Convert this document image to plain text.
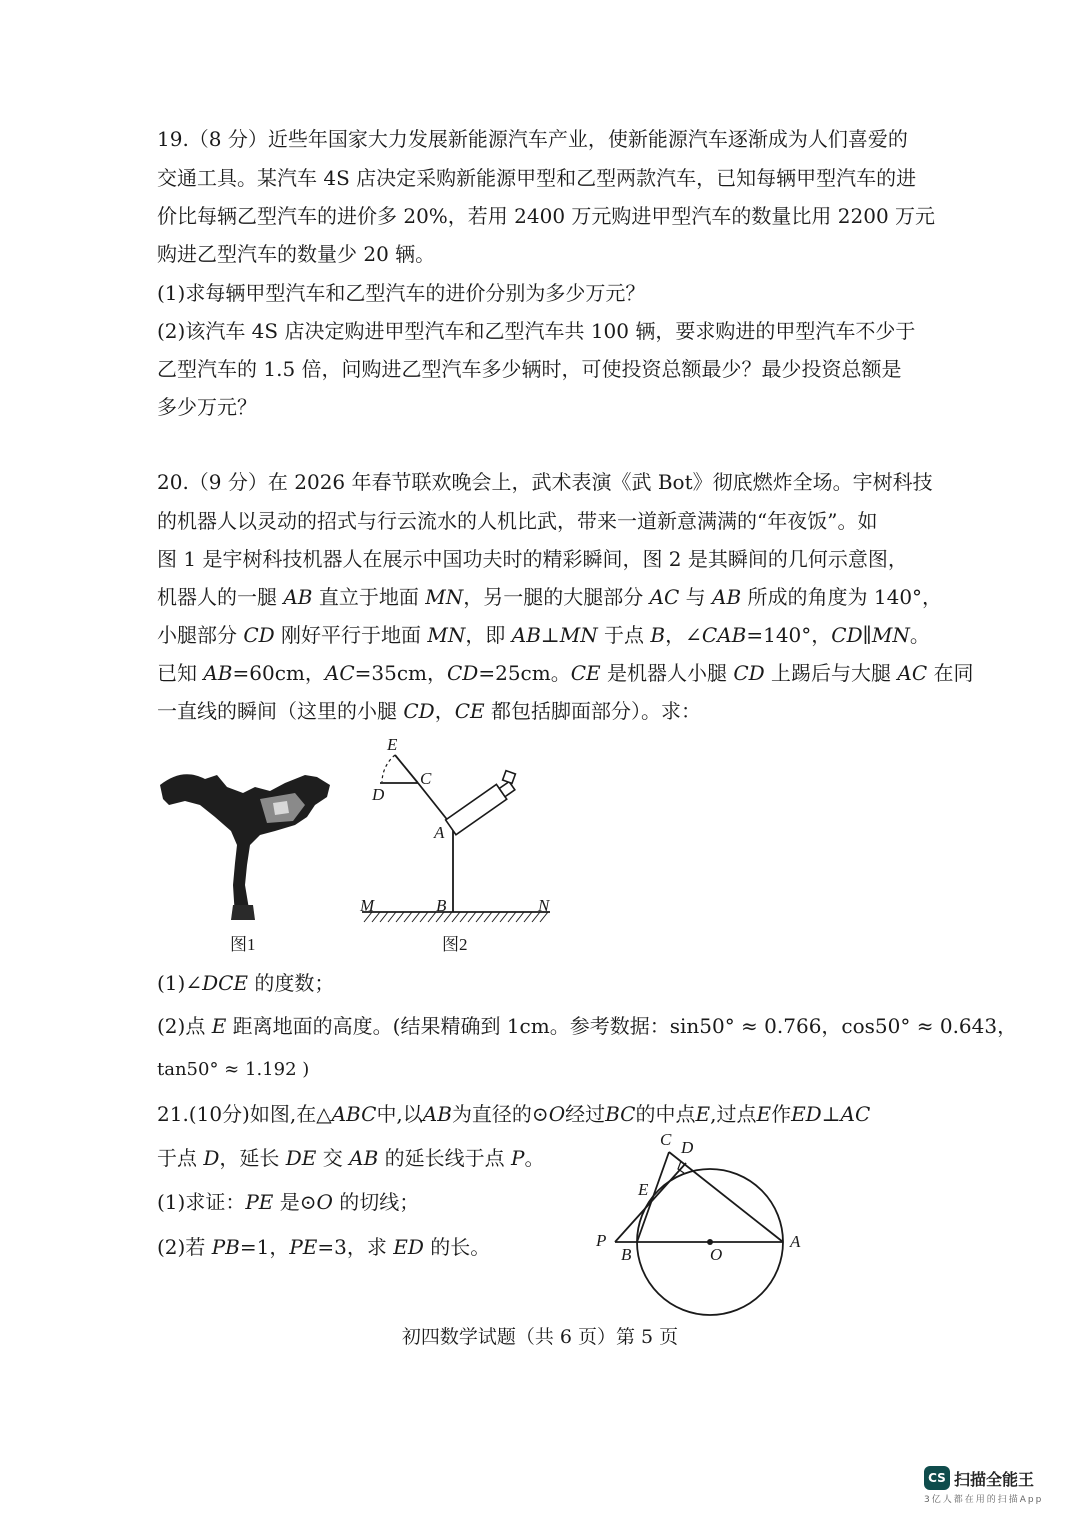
19.（8 分）近些年国家大力发展新能源汽车产业，使新能源汽车逐渐成为人们喜爱的
交通工具。某汽车 4S 店决定采购新能源甲型和乙型两款汽车，已知每辆甲型汽车的进
价比每辆乙型汽车的进价多 20%，若用 2400 万元购进甲型汽车的数量比用 2200 万元
购进乙型汽车的数量少 20 辆。
(1)求每辆甲型汽车和乙型汽车的进价分别为多少万元？
(2)该汽车 4S 店决定购进甲型汽车和乙型汽车共 100 辆，要求购进的甲型汽车不少于
乙型汽车的 1.5 倍，问购进乙型汽车多少辆时，可使投资总额最少？最少投资总额是
多少万元？
20.（9 分）在 2026 年春节联欢晚会上，武术表演《武 Bot》彻底燃炸全场。宇树科技
的机器人以灵动的招式与行云流水的人机比武，带来一道新意满满的“年夜饭”。如
图 1 是宇树科技机器人在展示中国功夫时的精彩瞬间，图 2 是其瞬间的几何示意图，
机器人的一腿 AB 直立于地面 MN，另一腿的大腿部分 AC 与 AB 所成的角度为 140°，
小腿部分 CD 刚好平行于地面 MN，即 AB⊥MN 于点 B，∠CAB=140°，CD∥MN。
已知 AB=60cm，AC=35cm，CD=25cm。CE 是机器人小腿 CD 上踢后与大腿 AC 在同
一直线的瞬间（这里的小腿 CD，CE 都包括脚面部分）。求：
图1
E
C
D
A
M	B	N
图2
(1)∠DCE 的度数；
(2)点 E 距离地面的高度。(结果精确到 1cm。参考数据：sin50° ≈ 0.766，cos50° ≈ 0.643，
tan50° ≈ 1.192 )
21.(10分)如图,在△ABC中,以AB为直径的⊙O经过BC的中点E,过点E作ED⊥AC
于点 D，延长 DE 交 AB 的延长线于点 P。
(1)求证：PE 是⊙O 的切线；
(2)若 PB=1，PE=3，求 ED 的长。
C D
E
P
B	O
A
初四数学试题（共 6 页）第 5 页
CS 扫描全能王
3亿人都在用的扫描App
